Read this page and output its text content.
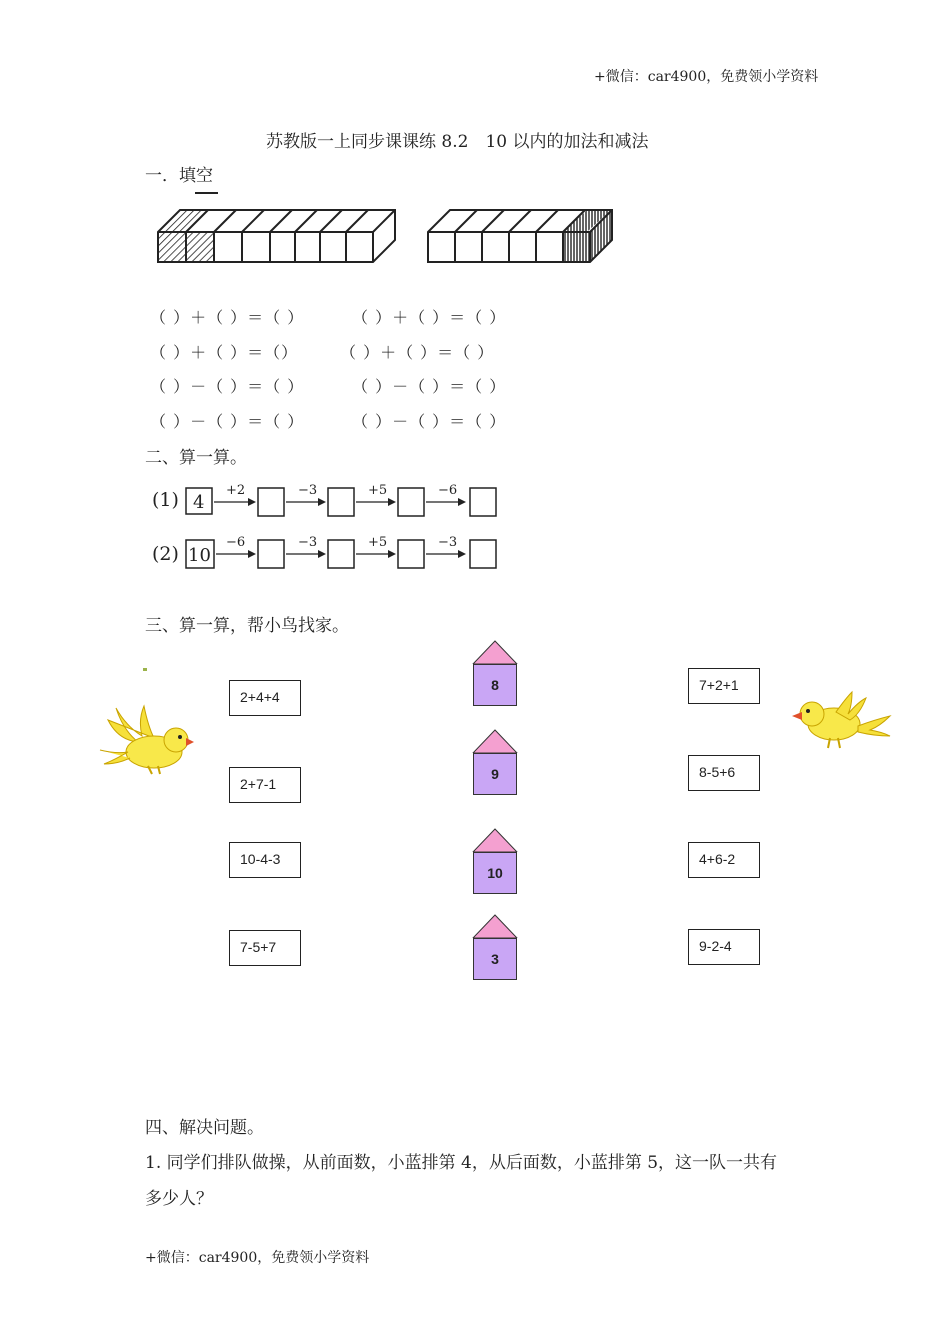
+微信：car4900，免费领小学资料
苏教版一上同步课课练 8.2　10 以内的加法和减法
一．填空
（ ）＋（ ）＝（ ）	（ ）＋（ ）＝（ ）
（ ）＋（ ）＝（）	（ ）＋（ ）＝（ ）
（ ）－（ ）＝（ ）	（ ）－（ ）＝（ ）
（ ）－（ ）＝（ ）	（ ）－（ ）＝（ ）
二、算一算。
(1) 4
+2	−3	+5	−6
(2) 10
−6	−3	+5	−3
三、算一算，帮小鸟找家。
2+4+4
2+7-1
10-4-3
7-5+7
8
9
10
3
7+2+1
8-5+6
4+6-2
9-2-4
四、解决问题。
1. 同学们排队做操，从前面数，小蓝排第 4，从后面数，小蓝排第 5，这一队一共有
多少人？
+微信：car4900，免费领小学资料
